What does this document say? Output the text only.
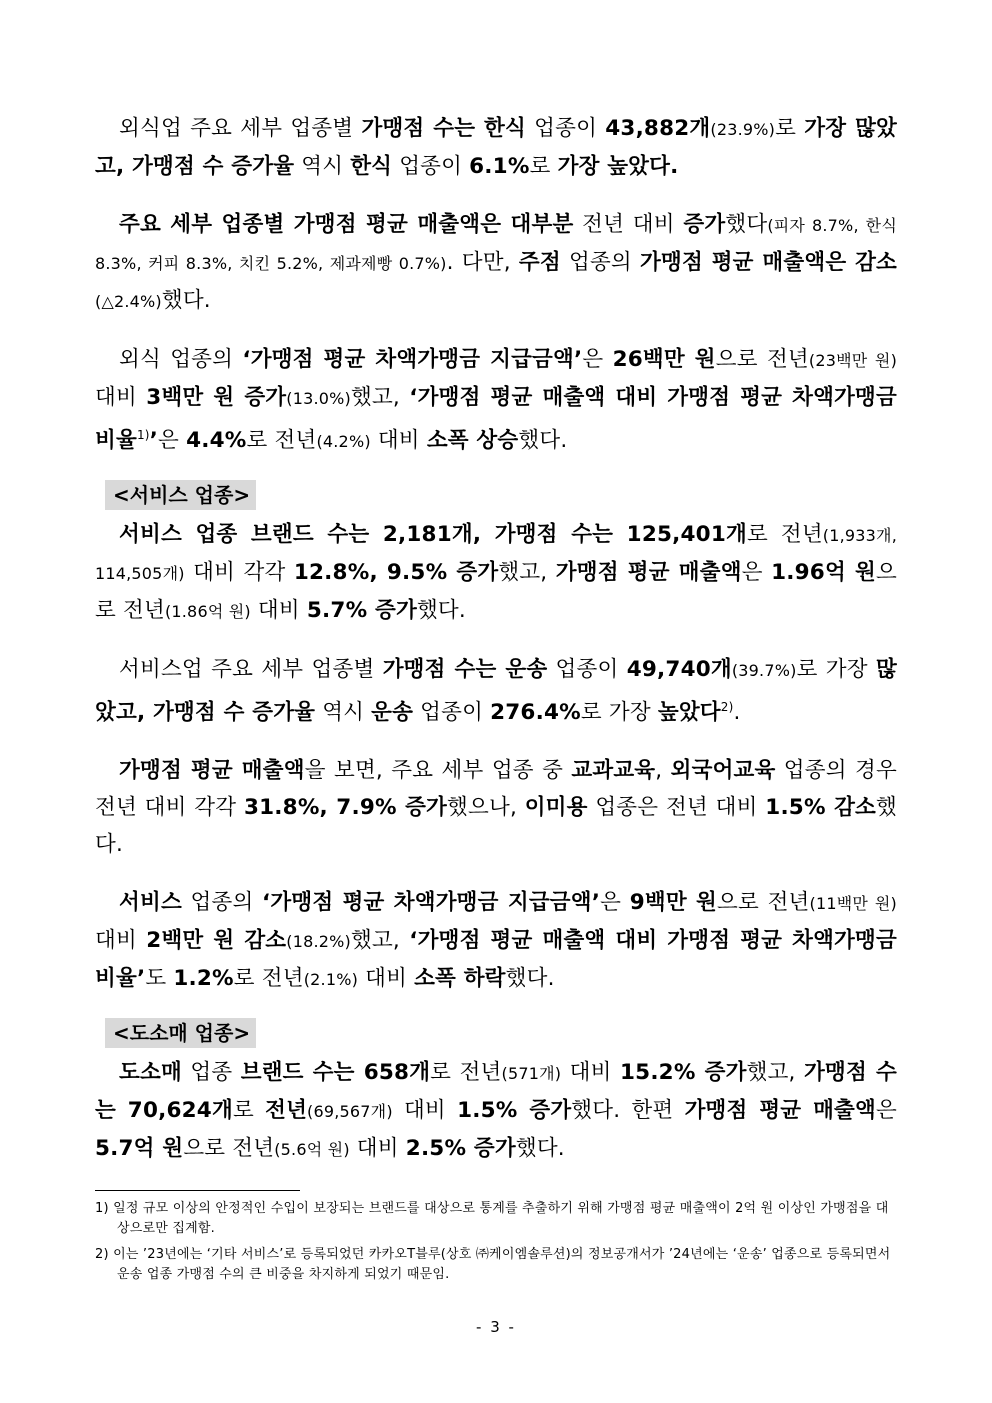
외식업 주요 세부 업종별 가맹점 수는 한식 업종이 43,882개(23.9%)로 가장 많았고, 가맹점 수 증가율 역시 한식 업종이 6.1%로 가장 높았다.

주요 세부 업종별 가맹점 평균 매출액은 대부분 전년 대비 증가했다(피자 8.7%, 한식 8.3%, 커피 8.3%, 치킨 5.2%, 제과제빵 0.7%). 다만, 주점 업종의 가맹점 평균 매출액은 감소(△2.4%)했다.

외식 업종의 ‘가맹점 평균 차액가맹금 지급금액’은 26백만 원으로 전년(23백만 원) 대비 3백만 원 증가(13.0%)했고, ‘가맹점 평균 매출액 대비 가맹점 평균 차액가맹금 비율$^{1)}$’은 4.4%로 전년(4.2%) 대비 소폭 상승했다.

<서비스 업종>

서비스 업종 브랜드 수는 2,181개, 가맹점 수는 125,401개로 전년(1,933개, 114,505개) 대비 각각 12.8%, 9.5% 증가했고, 가맹점 평균 매출액은 1.96억 원으로 전년(1.86억 원) 대비 5.7% 증가했다.

서비스업 주요 세부 업종별 가맹점 수는 운송 업종이 49,740개(39.7%)로 가장 많았고, 가맹점 수 증가율 역시 운송 업종이 276.4%로 가장 높았다$^{2)}$.

가맹점 평균 매출액을 보면, 주요 세부 업종 중 교과교육, 외국어교육 업종의 경우 전년 대비 각각 31.8%, 7.9% 증가했으나, 이미용 업종은 전년 대비 1.5% 감소했다.

서비스 업종의 ‘가맹점 평균 차액가맹금 지급금액’은 9백만 원으로 전년(11백만 원) 대비 2백만 원 감소(18.2%)했고, ‘가맹점 평균 매출액 대비 가맹점 평균 차액가맹금 비율’도 1.2%로 전년(2.1%) 대비 소폭 하락했다.

<도소매 업종>

도소매 업종 브랜드 수는 658개로 전년(571개) 대비 15.2% 증가했고, 가맹점 수는 70,624개로 전년(69,567개) 대비 1.5% 증가했다. 한편 가맹점 평균 매출액은 5.7억 원으로 전년(5.6억 원) 대비 2.5% 증가했다.

1) 일정 규모 이상의 안정적인 수입이 보장되는 브랜드를 대상으로 통계를 추출하기 위해 가맹점 평균 매출액이 2억 원 이상인 가맹점을 대상으로만 집계함.

2) 이는 ’23년에는 ‘기타 서비스’로 등록되었던 카카오T블루(상호 ㈜케이엠솔루션)의 정보공개서가 ’24년에는 ‘운송’ 업종으로 등록되면서 운송 업종 가맹점 수의 큰 비중을 차지하게 되었기 때문임.

- 3 -
